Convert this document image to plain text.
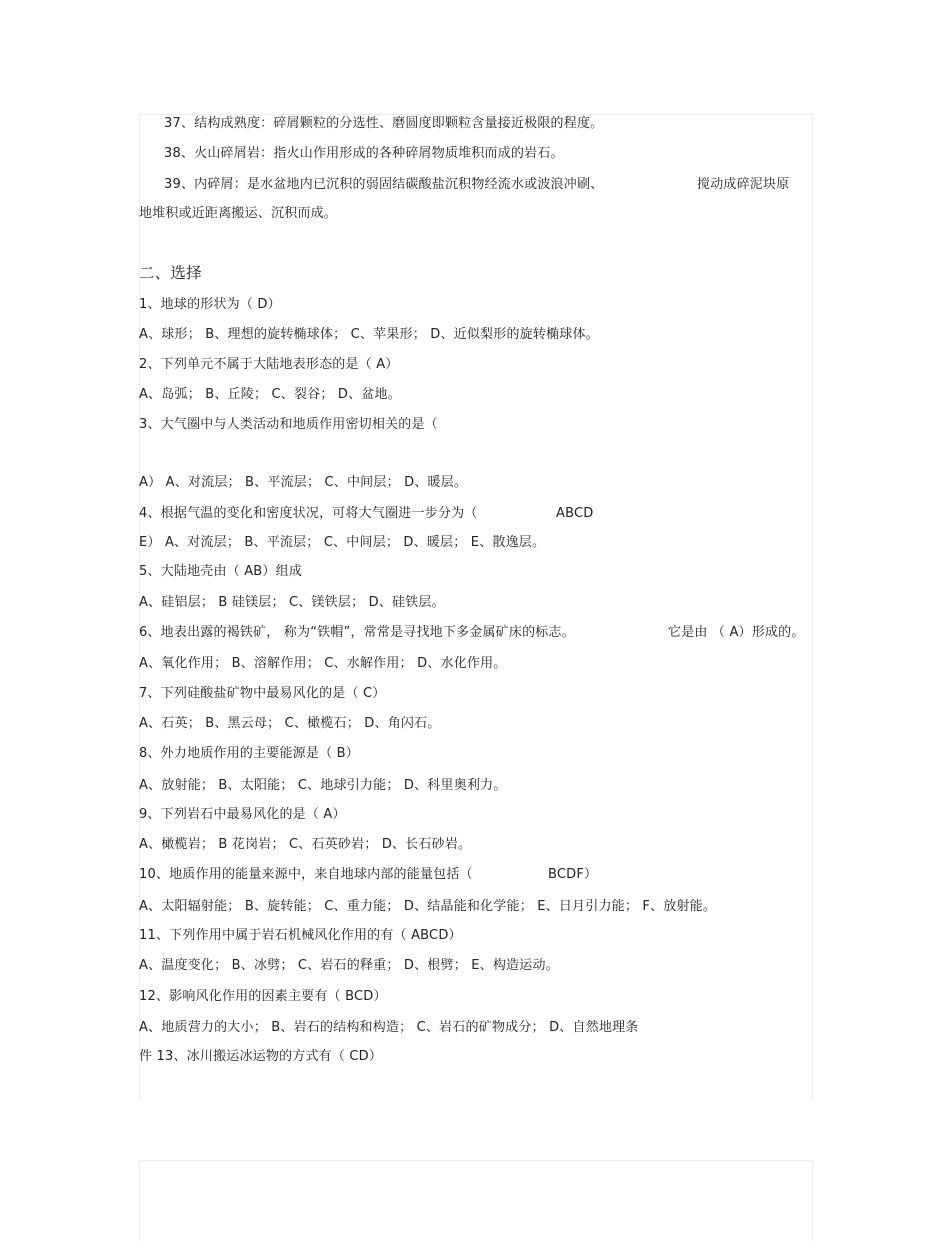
37、结构成熟度：碎屑颗粒的分选性、磨圆度即颗粒含量接近极限的程度。
38、火山碎屑岩：指火山作用形成的各种碎屑物质堆积而成的岩石。
39、内碎屑：是水盆地内已沉积的弱固结碳酸盐沉积物经流水或波浪冲刷、	搅动成碎泥块原
地堆积或近距离搬运、沉积而成。
二、选择
1、地球的形状为（ D）
A、球形； B、理想的旋转椭球体； C、苹果形； D、近似梨形的旋转椭球体。
2、下列单元不属于大陆地表形态的是（ A）
A、岛弧； B、丘陵； C、裂谷； D、盆地。
3、大气圈中与人类活动和地质作用密切相关的是（
A） A、对流层； B、平流层； C、中间层； D、暖层。
4、根据气温的变化和密度状况，可将大气圈进一步分为（	ABCD
E） A、对流层； B、平流层； C、中间层； D、暖层； E、散逸层。
5、大陆地壳由（ AB）组成
A、硅铝层； B 硅镁层； C、镁铁层； D、硅铁层。
6、地表出露的褐铁矿， 称为“铁帽”，常常是寻找地下多金属矿床的标志。	它是由 （ A）形成的。
A、氧化作用； B、溶解作用； C、水解作用； D、水化作用。
7、下列硅酸盐矿物中最易风化的是（ C）
A、石英； B、黑云母； C、橄榄石； D、角闪石。
8、外力地质作用的主要能源是（ B）
A、放射能； B、太阳能； C、地球引力能； D、科里奥利力。
9、下列岩石中最易风化的是（ A）
A、橄榄岩； B 花岗岩； C、石英砂岩； D、长石砂岩。
10、地质作用的能量来源中，来自地球内部的能量包括（	BCDF）
A、太阳辐射能； B、旋转能； C、重力能； D、结晶能和化学能； E、日月引力能； F、放射能。
11、下列作用中属于岩石机械风化作用的有（ ABCD）
A、温度变化； B、冰劈； C、岩石的释重； D、根劈； E、构造运动。
12、影响风化作用的因素主要有（ BCD）
A、地质营力的大小； B、岩石的结构和构造； C、岩石的矿物成分； D、自然地理条
件 13、冰川搬运冰运物的方式有（ CD）
